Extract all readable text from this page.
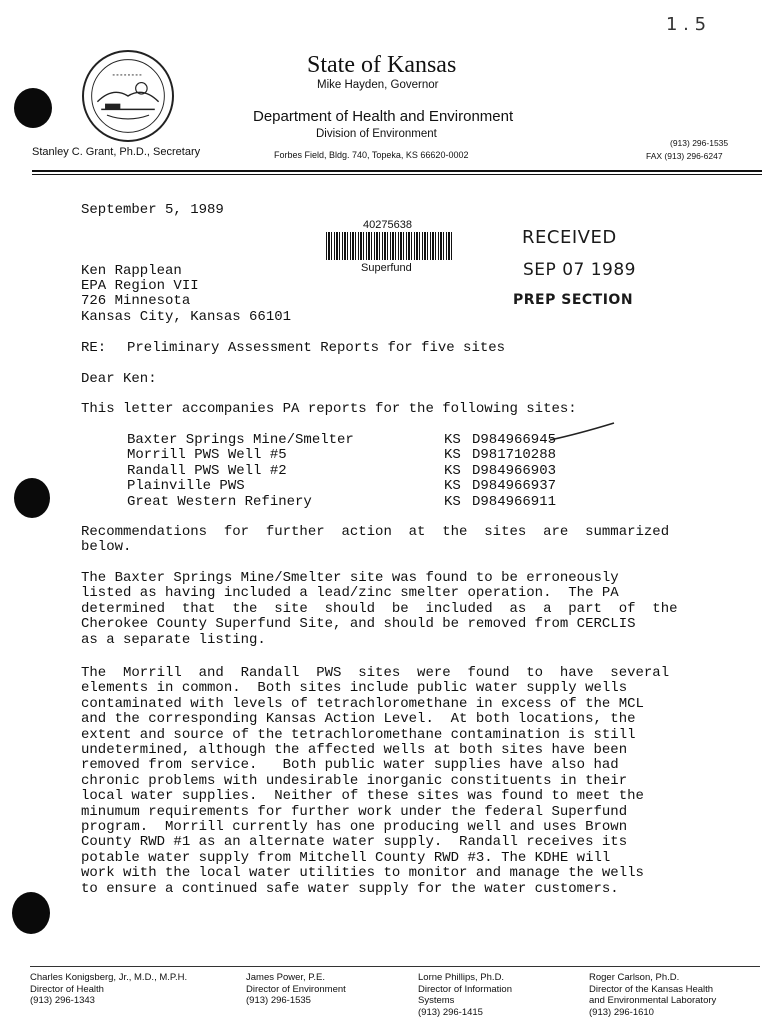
1 . 5
State of Kansas
Mike Hayden, Governor
Department of Health and Environment
Division of Environment
Forbes Field, Bldg. 740, Topeka, KS 66620-0002
Stanley C. Grant, Ph.D., Secretary
(913) 296-1535
FAX (913) 296-6247
September 5, 1989
40275638
Superfund
RECEIVED
SEP 07 1989
PREP SECTION
Ken Rapplean
EPA Region VII
726 Minnesota
Kansas City, Kansas 66101
RE: Preliminary Assessment Reports for five sites
Dear Ken:
This letter accompanies PA reports for the following sites:
Baxter Springs Mine/Smelter	KS D984966945
Morrill PWS Well #5	KS D981710288
Randall PWS Well #2	KS D984966903
Plainville PWS	KS D984966937
Great Western Refinery	KS D984966911
Recommendations  for  further  action  at  the  sites  are  summarized
below.
The Baxter Springs Mine/Smelter site was found to be erroneously
listed as having included a lead/zinc smelter operation.  The PA
determined  that  the  site  should  be  included  as  a  part  of  the
Cherokee County Superfund Site, and should be removed from CERCLIS
as a separate listing.
The  Morrill  and  Randall  PWS  sites  were  found  to  have  several
elements in common.  Both sites include public water supply wells
contaminated with levels of tetrachloromethane in excess of the MCL
and the corresponding Kansas Action Level.  At both locations, the
extent and source of the tetrachloromethane contamination is still
undetermined, although the affected wells at both sites have been
removed from service.   Both public water supplies have also had
chronic problems with undesirable inorganic constituents in their
local water supplies.  Neither of these sites was found to meet the
minumum requirements for further work under the federal Superfund
program.  Morrill currently has one producing well and uses Brown
County RWD #1 as an alternate water supply.  Randall receives its
potable water supply from Mitchell County RWD #3. The KDHE will
work with the local water utilities to monitor and manage the wells
to ensure a continued safe water supply for the water customers.
Charles Konigsberg, Jr., M.D., M.P.H.
Director of Health
(913) 296-1343
James Power, P.E.
Director of Environment
(913) 296-1535
Lorne Phillips, Ph.D.
Director of Information
Systems
(913) 296-1415
Roger Carlson, Ph.D.
Director of the Kansas Health
and Environmental Laboratory
(913) 296-1610
